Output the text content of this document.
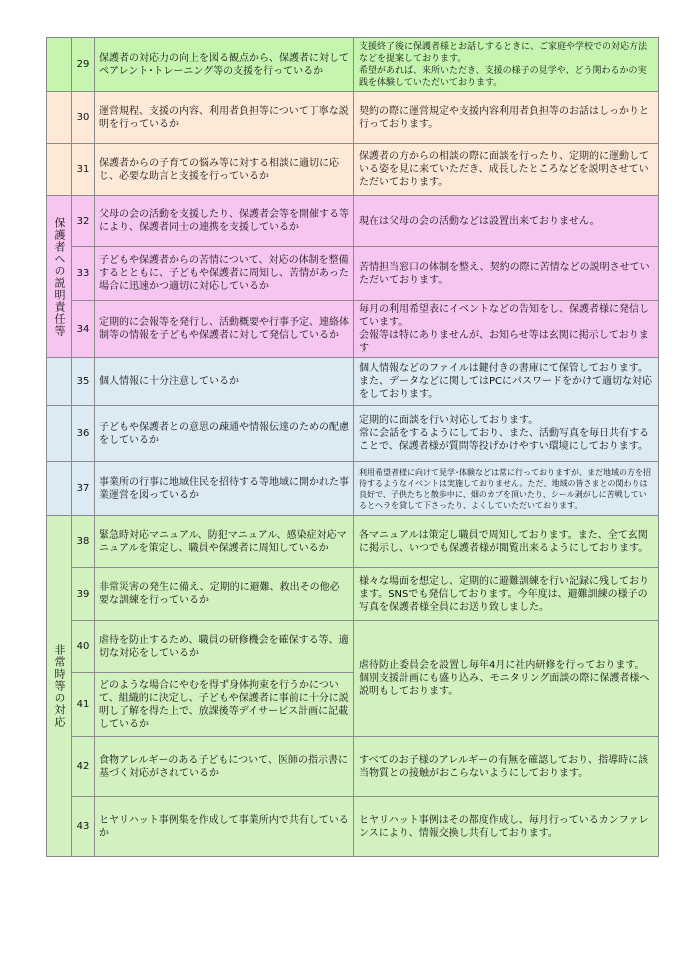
	29	保護者の対応力の向上を図る観点から、保護者に対してペアレント･トレーニング等の支援を行っているか	支援終了後に保護者様とお話しするときに、ご家庭や学校での対応方法などを提案しております。
希望があれば、来所いただき、支援の様子の見学や、どう関わるかの実践を体験していただいております。
	30	運営規程、支援の内容、利用者負担等について丁寧な説明を行っているか	契約の際に運営規定や支援内容利用者負担等のお話はしっかりと行っております。
	31	保護者からの子育ての悩み等に対する相談に適切に応じ、必要な助言と支援を行っているか	保護者の方からの相談の際に面談を行ったり、定期的に運動している姿を見に来ていただき、成長したところなどを説明させていただいております。

保護者への説明責任等	32	父母の会の活動を支援したり、保護者会等を開催する等により、保護者同士の連携を支援しているか	現在は父母の会の活動などは設置出来ておりません。
	33	子どもや保護者からの苦情について、対応の体制を整備するとともに、子どもや保護者に周知し、苦情があった場合に迅速かつ適切に対応しているか	苦情担当窓口の体制を整え、契約の際に苦情などの説明させていただいております。
	34	定期的に会報等を発行し、活動概要や行事予定、連絡体制等の情報を子どもや保護者に対して発信しているか	毎月の利用希望表にイベントなどの告知をし、保護者様に発信しています。
会報等は特にありませんが、お知らせ等は玄関に掲示しております
	35	個人情報に十分注意しているか	個人情報などのファイルは鍵付きの書庫にて保管しております。また、データなどに関してはPCにパスワードをかけて適切な対応をしております。
	36	子どもや保護者との意思の疎通や情報伝達のための配慮をしているか	定期的に面談を行い対応しております。
常に会話をするようにしており、また、活動写真を毎日共有することで、保護者様が質問等投げかけやすい環境にしております。
	37	事業所の行事に地域住民を招待する等地域に開かれた事業運営を図っているか	利用希望者様に向けて見学･体験などは常に行っておりますが、まだ地域の方を招待するようなイベントは実施しておりません。ただ、地域の皆さまとの関わりは良好で、子供たちと散歩中に、畑のカブを頂いたり、シール剥がしに苦戦しているとヘラを貸して下さったり、よくしていただいております。

非常時等の対応	38	緊急時対応マニュアル、防犯マニュアル、感染症対応マニュアルを策定し、職員や保護者に周知しているか	各マニュアルは策定し職員で周知しております。また、全て玄関に掲示し、いつでも保護者様が閲覧出来るようにしております。
	39	非常災害の発生に備え、定期的に避難、救出その他必要な訓練を行っているか	様々な場面を想定し、定期的に避難訓練を行い記録に残しております。SNSでも発信しております。今年度は、避難訓練の様子の写真を保護者様全員にお送り致しました。
	40	虐待を防止するため、職員の研修機会を確保する等、適切な対応をしているか	虐待防止委員会を設置し毎年4月に社内研修を行っております。個別支援計画にも盛り込み、モニタリング面談の際に保護者様へ説明もしております。
	41	どのような場合にやむを得ず身体拘束を行うかについて、組織的に決定し、子どもや保護者に事前に十分に説明し了解を得た上で、放課後等デイサービス計画に記載しているか	
	42	食物アレルギーのある子どもについて、医師の指示書に基づく対応がされているか	すべてのお子様のアレルギーの有無を確認しており、指導時に該当物質との接触がおこらないようにしております。
	43	ヒヤリハット事例集を作成して事業所内で共有しているか	ヒヤリハット事例はその都度作成し、毎月行っているカンファレンスにより、情報交換し共有しております。
